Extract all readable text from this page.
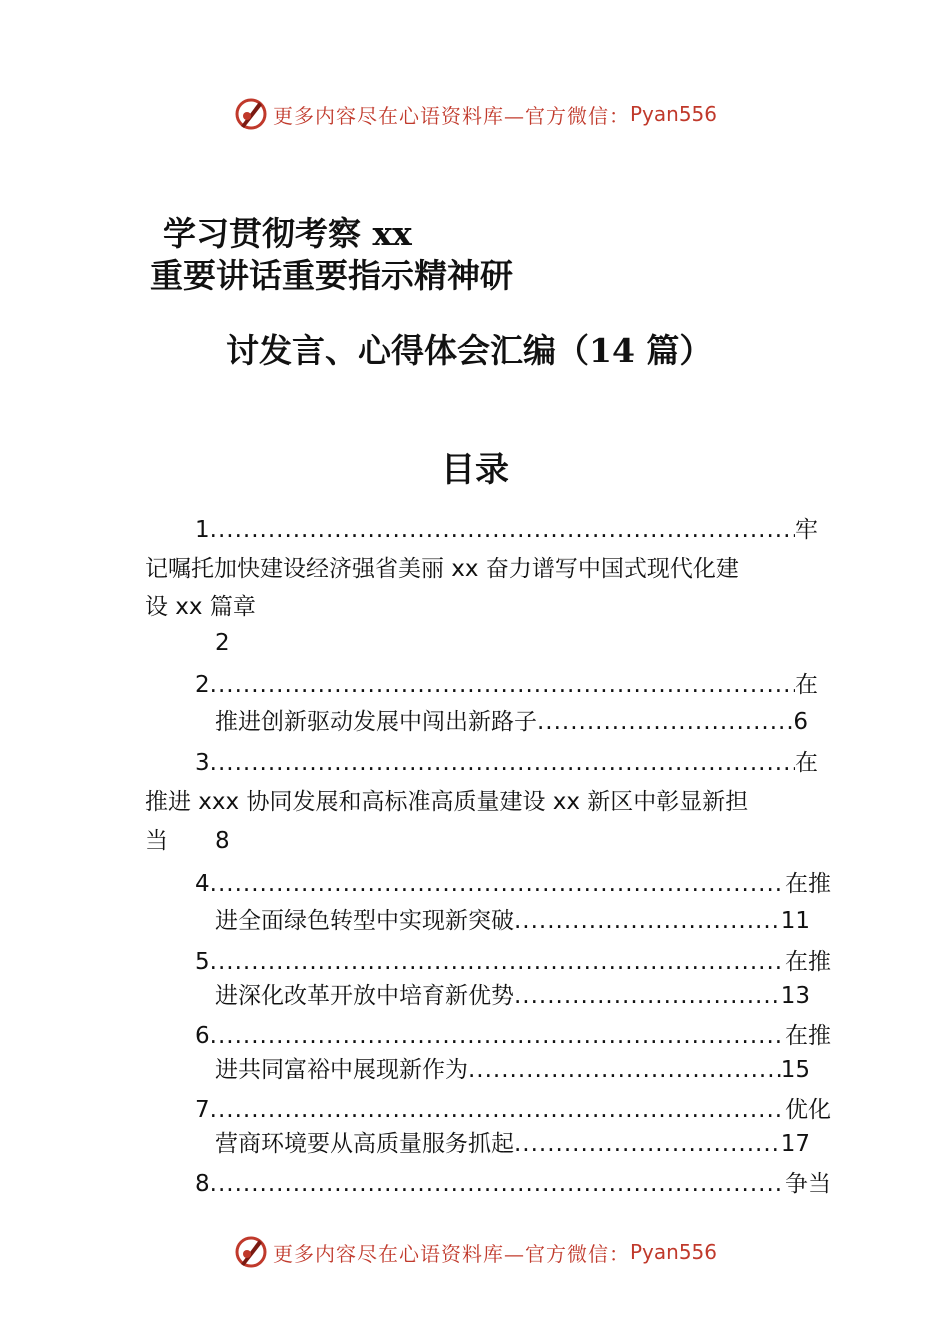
更多内容尽在心语资料库—官方微信： Pyan556
学习贯彻考察 xx
重要讲话重要指示精神研
讨发言、心得体会汇编（14 篇）
目录
1 .....	牢
记嘱托加快建设经济强省美丽 xx 奋力谱写中国式现代化建
设 xx 篇章
2
2 .....	在
推进创新驱动发展中闯出新路子 .....	6
3 .....	在
推进 xxx 协同发展和高标准高质量建设 xx 新区中彰显新担
当 8
4 .....	在推
进全面绿色转型中实现新突破 .....	11
5 .....	在推
进深化改革开放中培育新优势 .....	13
6 .....	在推
进共同富裕中展现新作为 .....	15
7 .....	优化
营商环境要从高质量服务抓起 .....	17
8 .....	争当
更多内容尽在心语资料库—官方微信： Pyan556
